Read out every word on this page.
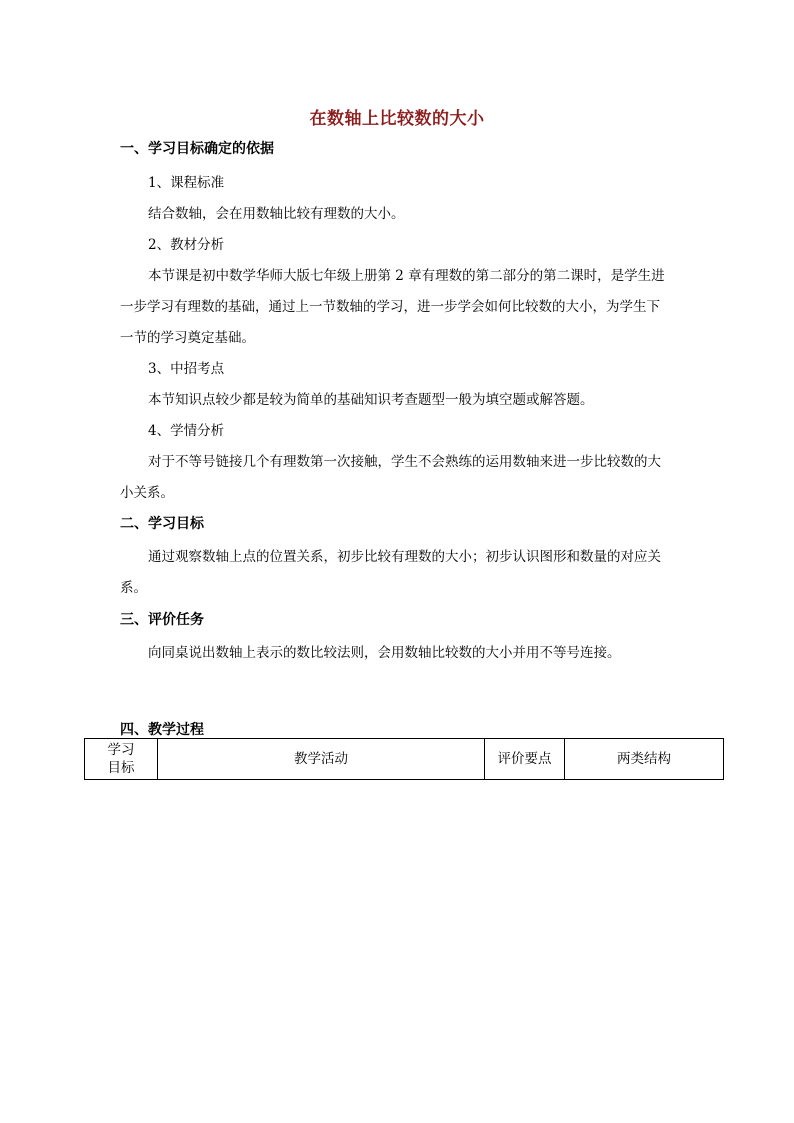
在数轴上比较数的大小
一、学习目标确定的依据
1、课程标准
结合数轴，会在用数轴比较有理数的大小。
2、教材分析
本节课是初中数学华师大版七年级上册第 2 章有理数的第二部分的第二课时，是学生进
一步学习有理数的基础，通过上一节数轴的学习，进一步学会如何比较数的大小，为学生下
一节的学习奠定基础。
3、中招考点
本节知识点较少都是较为简单的基础知识考查题型一般为填空题或解答题。
4、学情分析
对于不等号链接几个有理数第一次接触，学生不会熟练的运用数轴来进一步比较数的大
小关系。
二、学习目标
通过观察数轴上点的位置关系，初步比较有理数的大小；初步认识图形和数量的对应关
系。
三、评价任务
向同桌说出数轴上表示的数比较法则，会用数轴比较数的大小并用不等号连接。
四、教学过程
学习
目标
	教学活动	评价要点	两类结构
